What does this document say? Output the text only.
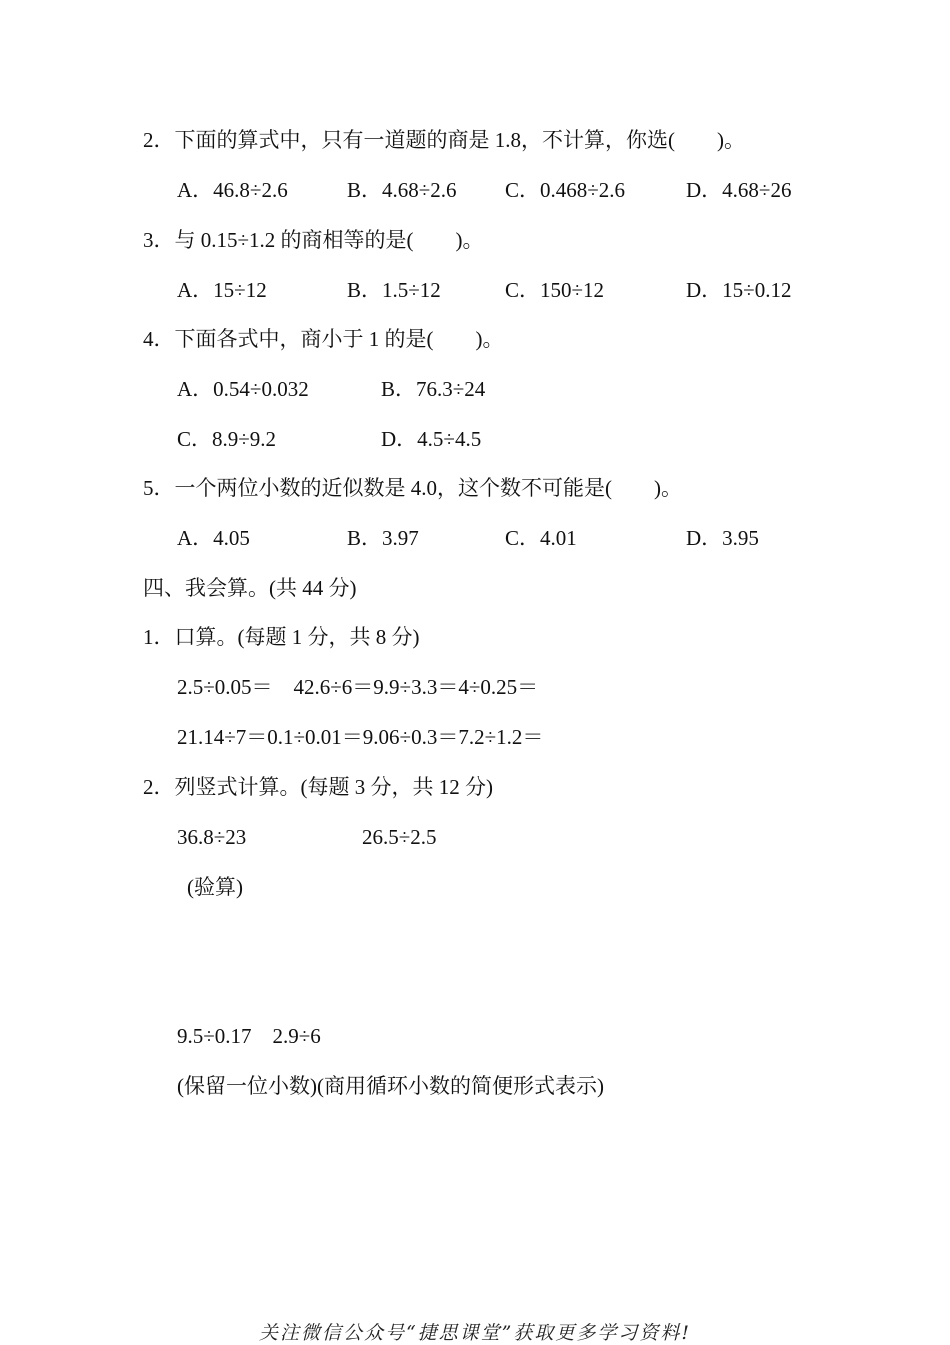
2．下面的算式中，只有一道题的商是 1.8，不计算，你选(　　)。
A．46.8÷2.6	B．4.68÷2.6 C．0.468÷2.6	D．4.68÷26
3．与 0.15÷1.2 的商相等的是(　　)。
A．15÷12	B．1.5÷12	C．150÷12	D．15÷0.12
4．下面各式中，商小于 1 的是(　　)。
A．0.54÷0.032	B．76.3÷24
C．8.9÷9.2	D．4.5÷4.5
5．一个两位小数的近似数是 4.0，这个数不可能是(　　)。
A．4.05	B．3.97	C．4.01	D．3.95
四、我会算。(共 44 分)
1．口算。(每题 1 分，共 8 分)
2.5÷0.05＝　42.6÷6＝9.9÷3.3＝4÷0.25＝
21.14÷7＝0.1÷0.01＝9.06÷0.3＝7.2÷1.2＝
2．列竖式计算。(每题 3 分，共 12 分)
36.8÷23	26.5÷2.5
(验算)
9.5÷0.17　2.9÷6
(保留一位小数)(商用循环小数的简便形式表示)
关注微信公众号“捷思课堂”获取更多学习资料!
